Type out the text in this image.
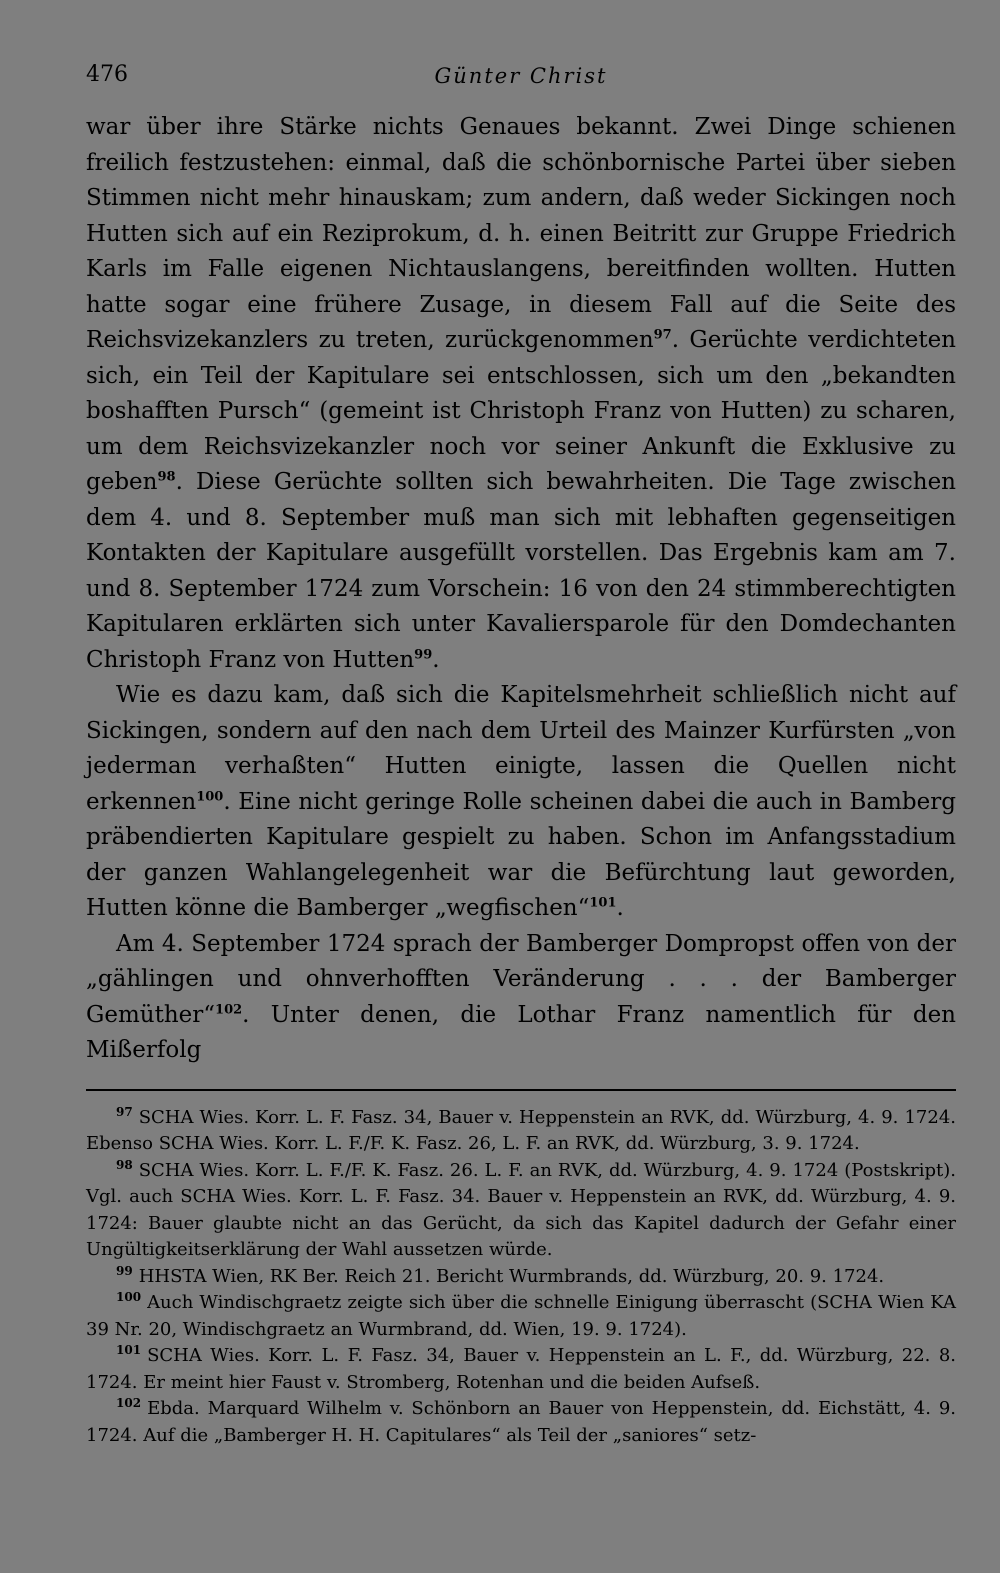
476	Günter Christ

war über ihre Stärke nichts Genaues bekannt. Zwei Dinge schienen freilich festzustehen: einmal, daß die schönbornische Partei über sieben Stimmen nicht mehr hinauskam; zum andern, daß weder Sickingen noch Hutten sich auf ein Reziprokum, d. h. einen Beitritt zur Gruppe Friedrich Karls im Falle eigenen Nichtauslangens, bereitfinden wollten. Hutten hatte sogar eine frühere Zusage, in diesem Fall auf die Seite des Reichsvizekanzlers zu treten, zurückgenommen$^{97}$. Gerüchte verdichteten sich, ein Teil der Kapitulare sei entschlossen, sich um den „bekandten boshafften Pursch“ (gemeint ist Christoph Franz von Hutten) zu scharen, um dem Reichsvizekanzler noch vor seiner Ankunft die Exklusive zu geben$^{98}$. Diese Gerüchte sollten sich bewahrheiten. Die Tage zwischen dem 4. und 8. September muß man sich mit lebhaften gegenseitigen Kontakten der Kapitulare ausgefüllt vorstellen. Das Ergebnis kam am 7. und 8. September 1724 zum Vorschein: 16 von den 24 stimmberechtigten Kapitularen erklärten sich unter Kavaliersparole für den Domdechanten Christoph Franz von Hutten$^{99}$.

Wie es dazu kam, daß sich die Kapitelsmehrheit schließlich nicht auf Sickingen, sondern auf den nach dem Urteil des Mainzer Kurfürsten „von jederman verhaßten“ Hutten einigte, lassen die Quellen nicht erkennen$^{100}$. Eine nicht geringe Rolle scheinen dabei die auch in Bamberg präbendierten Kapitulare gespielt zu haben. Schon im Anfangsstadium der ganzen Wahlangelegenheit war die Befürchtung laut geworden, Hutten könne die Bamberger „wegfischen“$^{101}$.

Am 4. September 1724 sprach der Bamberger Dompropst offen von der „gählingen und ohnverhofften Veränderung . . . der Bamberger Gemüther“$^{102}$. Unter denen, die Lothar Franz namentlich für den Mißerfolg

$^{97}$ SCHA Wies. Korr. L. F. Fasz. 34, Bauer v. Heppenstein an RVK, dd. Würzburg, 4. 9. 1724. Ebenso SCHA Wies. Korr. L. F./F. K. Fasz. 26, L. F. an RVK, dd. Würzburg, 3. 9. 1724.

$^{98}$ SCHA Wies. Korr. L. F./F. K. Fasz. 26. L. F. an RVK, dd. Würzburg, 4. 9. 1724 (Postskript). Vgl. auch SCHA Wies. Korr. L. F. Fasz. 34. Bauer v. Heppenstein an RVK, dd. Würzburg, 4. 9. 1724: Bauer glaubte nicht an das Gerücht, da sich das Kapitel dadurch der Gefahr einer Ungültigkeitserklärung der Wahl aussetzen würde.

$^{99}$ HHSTA Wien, RK Ber. Reich 21. Bericht Wurmbrands, dd. Würzburg, 20. 9. 1724.

$^{100}$ Auch Windischgraetz zeigte sich über die schnelle Einigung überrascht (SCHA Wien KA 39 Nr. 20, Windischgraetz an Wurmbrand, dd. Wien, 19. 9. 1724).

$^{101}$ SCHA Wies. Korr. L. F. Fasz. 34, Bauer v. Heppenstein an L. F., dd. Würzburg, 22. 8. 1724. Er meint hier Faust v. Stromberg, Rotenhan und die beiden Aufseß.

$^{102}$ Ebda. Marquard Wilhelm v. Schönborn an Bauer von Heppenstein, dd. Eichstätt, 4. 9. 1724. Auf die „Bamberger H. H. Capitulares“ als Teil der „saniores“ setz-
